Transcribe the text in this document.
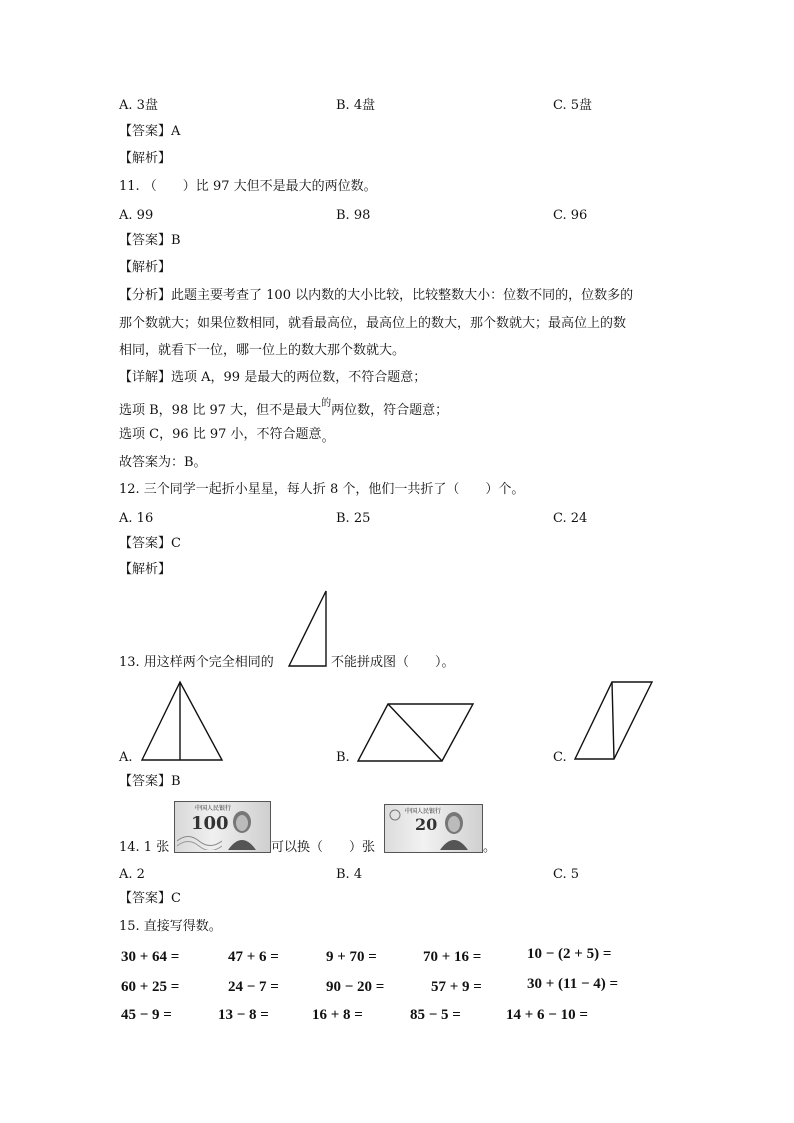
A. 3盘	B. 4盘	C. 5盘
【答案】A
【解析】
11. （　　）比 97 大但不是最大的两位数。
A. 99	B. 98	C. 96
【答案】B
【解析】
【分析】此题主要考查了 100 以内数的大小比较，比较整数大小：位数不同的，位数多的
那个数就大；如果位数相同，就看最高位，最高位上的数大，那个数就大；最高位上的数
相同，就看下一位，哪一位上的数大那个数就大。
【详解】选项 A，99 是最大的两位数，不符合题意；
选项 B，98 比 97 大，但不是最大$^的$两位数，符合题意；
选项 C，96 比 97 小，不符合题意。
故答案为：B。
12. 三个同学一起折小星星，每人折 8 个，他们一共折了（　　）个。
A. 16	B. 25	C. 24
【答案】C
【解析】
13. 用这样两个完全相同的	不能拼成图（　　）。
A.	B.	C.
【答案】B
14. 1 张
中国人民银行
100
可以换（　　）张
中国人民银行
20
。
A. 2	B. 4	C. 5
【答案】C
15. 直接写得数。
30 + 64 =	47 + 6 =	9 + 70 =	70 + 16 =	10 − (2 + 5) =
60 + 25 =	24 − 7 =	90 − 20 =	57 + 9 =	30 + (11 − 4) =
45 − 9 =	13 − 8 =	16 + 8 =	85 − 5 =	14 + 6 − 10 =
